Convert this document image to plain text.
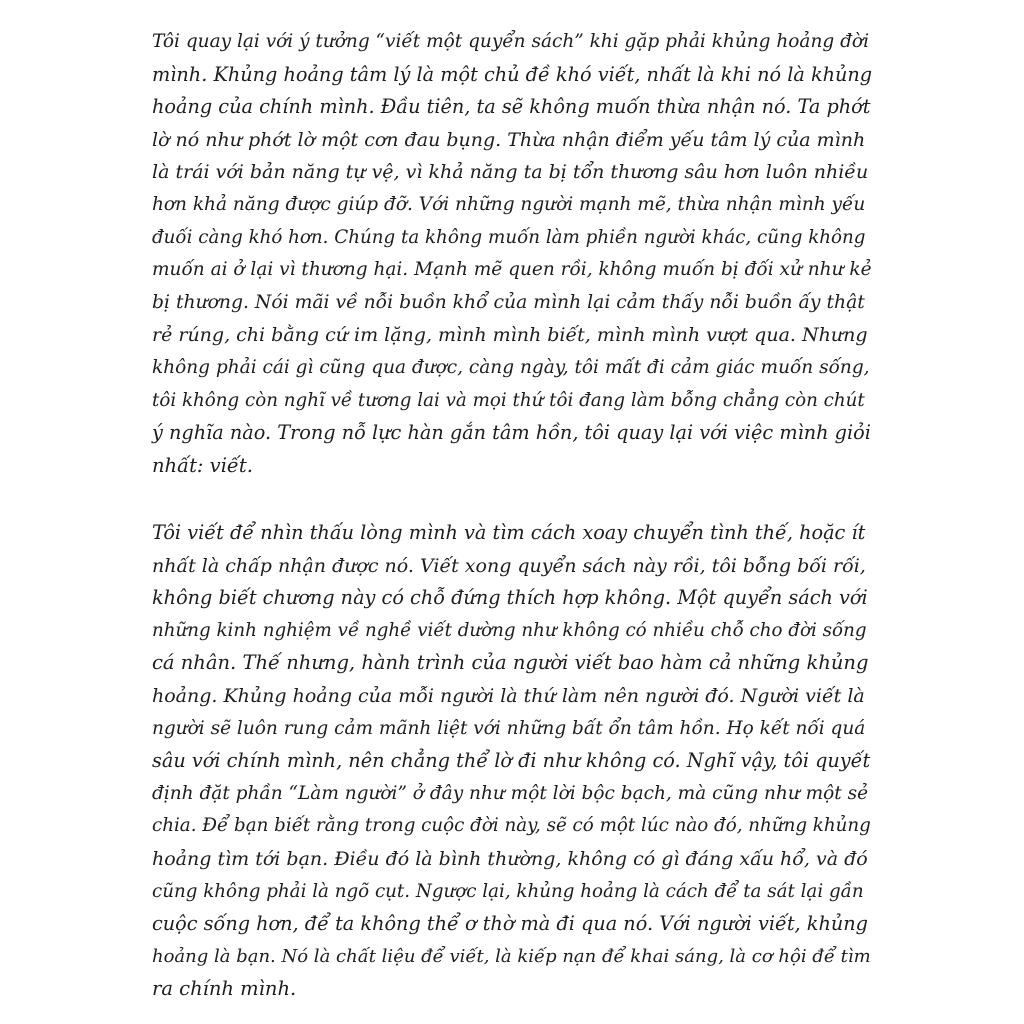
Tôi quay lại với ý tưởng “viết một quyển sách” khi gặp phải khủng hoảng đời
mình. Khủng hoảng tâm lý là một chủ đề khó viết, nhất là khi nó là khủng
hoảng của chính mình. Đầu tiên, ta sẽ không muốn thừa nhận nó. Ta phớt
lờ nó như phớt lờ một cơn đau bụng. Thừa nhận điểm yếu tâm lý của mình
là trái với bản năng tự vệ, vì khả năng ta bị tổn thương sâu hơn luôn nhiều
hơn khả năng được giúp đỡ. Với những người mạnh mẽ, thừa nhận mình yếu
đuối càng khó hơn. Chúng ta không muốn làm phiền người khác, cũng không
muốn ai ở lại vì thương hại. Mạnh mẽ quen rồi, không muốn bị đối xử như kẻ
bị thương. Nói mãi về nỗi buồn khổ của mình lại cảm thấy nỗi buồn ấy thật
rẻ rúng, chi bằng cứ im lặng, mình mình biết, mình mình vượt qua. Nhưng
không phải cái gì cũng qua được, càng ngày, tôi mất đi cảm giác muốn sống,
tôi không còn nghĩ về tương lai và mọi thứ tôi đang làm bỗng chẳng còn chút
ý nghĩa nào. Trong nỗ lực hàn gắn tâm hồn, tôi quay lại với việc mình giỏi
nhất: viết.

Tôi viết để nhìn thấu lòng mình và tìm cách xoay chuyển tình thế, hoặc ít
nhất là chấp nhận được nó. Viết xong quyển sách này rồi, tôi bỗng bối rối,
không biết chương này có chỗ đứng thích hợp không. Một quyển sách với
những kinh nghiệm về nghề viết dường như không có nhiều chỗ cho đời sống
cá nhân. Thế nhưng, hành trình của người viết bao hàm cả những khủng
hoảng. Khủng hoảng của mỗi người là thứ làm nên người đó. Người viết là
người sẽ luôn rung cảm mãnh liệt với những bất ổn tâm hồn. Họ kết nối quá
sâu với chính mình, nên chẳng thể lờ đi như không có. Nghĩ vậy, tôi quyết
định đặt phần “Làm người” ở đây như một lời bộc bạch, mà cũng như một sẻ
chia. Để bạn biết rằng trong cuộc đời này, sẽ có một lúc nào đó, những khủng
hoảng tìm tới bạn. Điều đó là bình thường, không có gì đáng xấu hổ, và đó
cũng không phải là ngõ cụt. Ngược lại, khủng hoảng là cách để ta sát lại gần
cuộc sống hơn, để ta không thể ơ thờ mà đi qua nó. Với người viết, khủng
hoảng là bạn. Nó là chất liệu để viết, là kiếp nạn để khai sáng, là cơ hội để tìm
ra chính mình.
